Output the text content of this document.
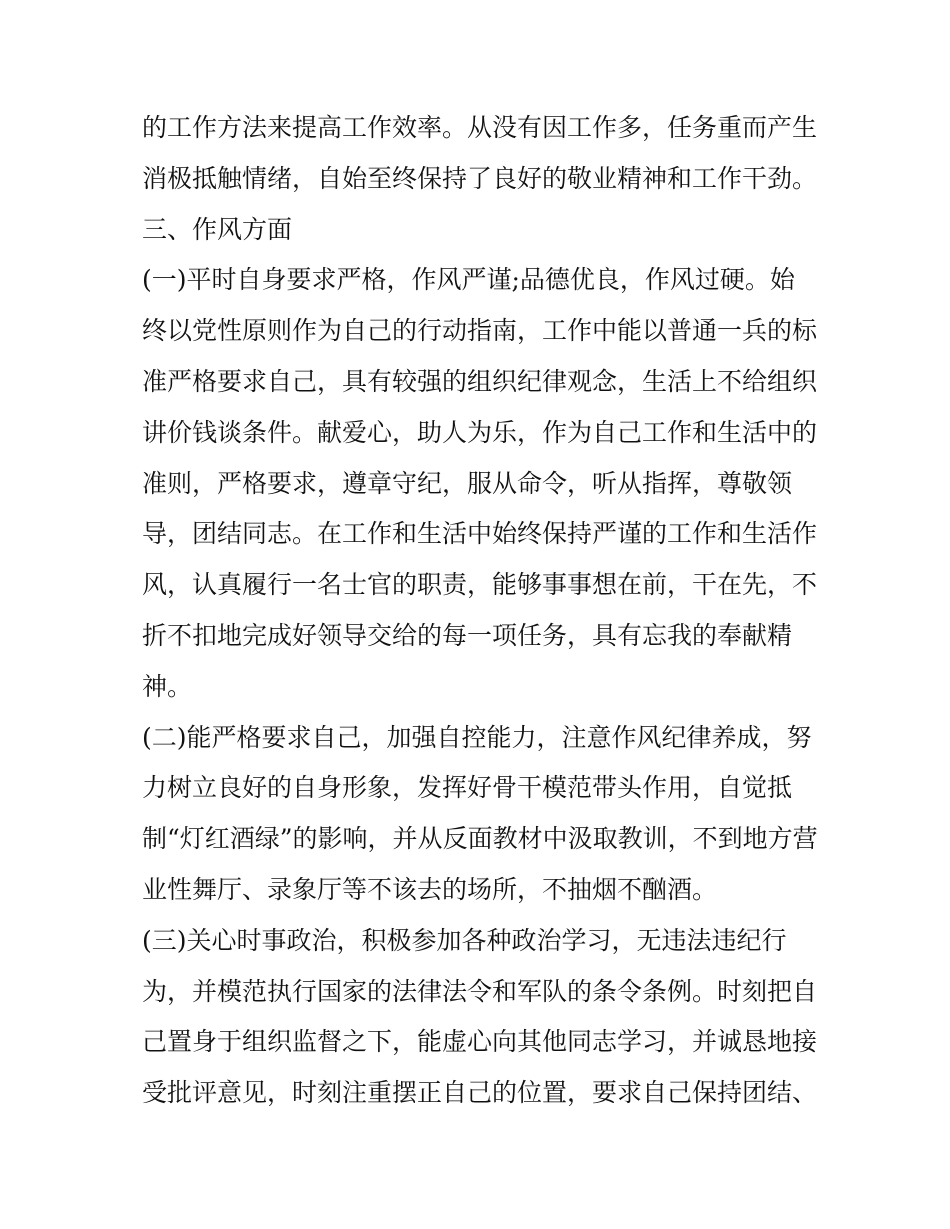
的工作方法来提高工作效率。从没有因工作多，任务重而产生
消极抵触情绪，自始至终保持了良好的敬业精神和工作干劲。
三、作风方面
(一)平时自身要求严格，作风严谨;品德优良，作风过硬。始
终以党性原则作为自己的行动指南，工作中能以普通一兵的标
准严格要求自己，具有较强的组织纪律观念，生活上不给组织
讲价钱谈条件。献爱心，助人为乐，作为自己工作和生活中的
准则，严格要求，遵章守纪，服从命令，听从指挥，尊敬领
导，团结同志。在工作和生活中始终保持严谨的工作和生活作
风，认真履行一名士官的职责，能够事事想在前，干在先，不
折不扣地完成好领导交给的每一项任务，具有忘我的奉献精
神。
(二)能严格要求自己，加强自控能力，注意作风纪律养成，努
力树立良好的自身形象，发挥好骨干模范带头作用，自觉抵
制“灯红酒绿”的影响，并从反面教材中汲取教训，不到地方营
业性舞厅、录象厅等不该去的场所，不抽烟不酗酒。
(三)关心时事政治，积极参加各种政治学习，无违法违纪行
为，并模范执行国家的法律法令和军队的条令条例。时刻把自
己置身于组织监督之下，能虚心向其他同志学习，并诚恳地接
受批评意见，时刻注重摆正自己的位置，要求自己保持团结、
